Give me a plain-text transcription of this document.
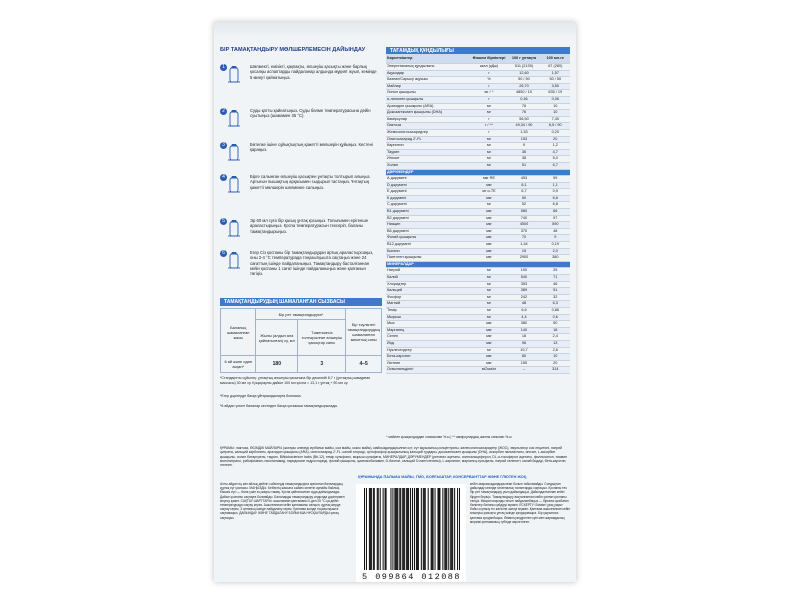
БІР ТАМАҚТАНДЫРУ МӨЛШЕРЛЕМЕСІН ДАЙЫНДАУ
1	Шөлмекті, емізікті, қақпақты, өлшеуіш қасықты және барлық қосалқы аспаптарды пайдаланар алдында мұқият жуып, кемінде 5 минут қайнатыңыз.
2	Суды қатты қайнатыңыз. Суды бөлме температурасына дейін суытыңыз (шамамен 35 °С).
3	Бөтелке ішіне сұйықтықтың қажетті мөлшерін құйыңыз. Кестені қараңыз.
4	Бірге салынған өлшеуіш қасықпен ұнтақты толтырып алыңыз. Артығын пышақтың арқасымен сыдырып тастаңыз. Ұнтақтың қажетті мөлшерін шөлмекке салыңыз.
5	Эр 60 мл суға бір қасық ұнтақ қосыңыз. Толығымен ерігенше араластырыңыз. Қоспа температурасын тексеріп, баланы тамақтандырыңыз.
6	Егер Сіз қоспаны бір тамақтандырудан артық араластырсаңыз, оны 2-4 °С температурада тоңазытқышта сақтаңыз және 24 сағаттың ішінде пайдаланыңыз. Тамақтандыру басталғаннан кейін қоспаны 1 сағат ішінде пайдаланыңыз және қалғанын төгіңіз.
ТАМАҚТАНДЫРУДЫҢ ШАМАЛАНҒАН СЫЗБАСЫ
Баланың шамаланған жасы	Бір рет тамақтандыруға*		Бір тәуліктегі тамақтандырудың шамаланған жиынтық саны
	Жылы (алдын ала қайнатылған) су, мл	Тәменшесіз толтырылған өлшеуіш қасықтар саны	
6 ай және одан асқан*	180	3	4–5
*Стандартты сұйылтқ: ұнтақтың өлшеуіш қасығына бір декилейі 8,7 г (ұнтақтың шамдаған массасы) 30 мл су. Қоңыраулы дайын 100 мл қоспа = 13,1 г ұнтақ + 90 мл су.
*Егер дәрігерде басқа ұйғарымдаларға болмаса.
*6 айдан үлкен балалар кестеден басқа қосымша тамақтандырылады.
ТАҒАМДЫҚ ҚҰНДЫЛЫҒЫ
Көрсеткіштер	Өлшем бірліктері	100 г ұнтақта	100 мл-ге
Энергетикалық құндылығы	ккал (кДж)	511 (2139)	67 (280)
Ақуыздар	г	12,60	1,57
Казеин/Сарысу ақуызы	%	50 / 50	50 / 50
Майлар	г	26,70	3,50
Линол қышқылы	мг / ^	4850 / 19	635 / 19
α-линолен қышқылы	г	0,46	0,06
Арахидон қышқылы (ARA)	мг	76	10
Докозагексаен қышқылы (DHA)	мг	76	10
Көмірсулар	г	56,50	7,40
Лактоза	г / ^^	49,34 / 90	6,5 / 90
Жемісолигосахаридтер	г	1,53	0,20
Олигосахарид 2'-FL	мг	153	20
Карнитин	мг	9	1,2
Таурин	мг	36	4,7
Инозит	мг	38	5,0
Холин	мг	51	6,7
ДӘРУМЕНДЕР			
А дәрумені	мкг RE	453	59
D дәрумені	мкг	8,1	1,1
Е дәрумені	мг α-TE	6,7	0,9
К дәрумені	мкг	50	6,6
С дәрумені	мг	52	6,8
B1 дәрумені	мкг	580	66
B2 дәрумені	мкг	740	97
Ниацин	мкг	4500	590
B6 дәрумені	мкг	370	48
Фолий қышқылы	мкг	70	9
B12 дәрумені	мкг	1,44	0,19
Биотин	мкг	15	2,0
Пантотен қышқылы	мкг	2900	380
МИНЕРАЛДАР			
Натрий	мг	190	25
Калий	мг	540	71
Хлоридтер	мг	353	46
Кальций	мг	389	51
Фосфор	мг	242	32
Магний	мг	48	6,3
Темір	мг	6,6	0,86
Мырыш	мг	4,4	0,6
Мыс	мкг	380	50
Марганец	мкг	140	18
Селен	мкг	18	2,4
Йод	мкг	96	13
Нуклеотидтер	мг	19,7	2,6
Бета-каротин	мкг	80	10
Лютеин	мкг	155	20
Осмоляльділігі	мОсм/кг	–	314
^ майлен қышқылдардан сомасынан %-ы | ^^ көмірсулардың жалпы санынан %-ы
ҚҰРАМЫ: лактоза, ӨСІМДІК МАЙЛАРЫ (жоғары олеинді күнбағыс майы, соя майы, кокос майы), майсыздандырылған сүт, сүт ақуызының концентраты, желесолигосахаридтер (ЖОС), эмульгатор соя лецитині, натрий цитраты, кальций карбонаты, арахидон қышқылы (ARA), олигосахарид 2'-FL, калий хлориді, ортофосфор қышқылының кальций тұздары, докозагексаен қышқылы (DHA), аскорбин пальмитаты, инозит, L-аскорбин қышқылы, холин битартраты, таурин, Bifidobacterium lactis (Bb-12), темір сульфаты, мырыш сульфаты, МИНЕРАЛДАР, ДӘРУМЕНДЕР (ретинил ацетаты, холекальциферол, DL-α-токоферол ацетаты, филлохинон, тиамин мононитраты, рибофлавин, никотинамид, пиридоксин гидрохлориді, фолий қышқылы, цианокобаламин, D-биотин, кальций D-пантотенаты), L-карнитин, марганец сульфаты, натрий селениті, калий йодиді, бета-каротин, лютеин.
ҚҰРАМЫНДА ПАЛЬМА МАЙЫ, ГМО, БОЯҒЫШТАР, КОНСЕРВАНТТАР ЖӘНЕ ГЛЮТЕН ЖОҚ.
Алты айдан ең көп айлық дейінгі сәбилерді тамақтандыруға арналған балалардың құрғақ сүт қоспасы. МАҢЫЗДЫ: Бебектің жасына сәйкес келетін арнайы байлық. Емшек сүті — бала үшін ең жақсы тамақ. Қоспа қайнатылған суда дайындалады. Дайын қоспаны сақтауға болмайды. Балаларды тамақтандыру алдында дәрігермен кеңесу қажет. САҚТАУ ШАРТТАРЫ: ашылмаған қаптаманы 0-ден 25 °С-қа дейін температурада сақтау керек. Ашылғаннан кейін қаптаманы салқын, құрғақ жерде сақтау керек, 3 аптаның ішінде пайдалану керек. Қаптама ішінде тоңазытқышта сақтамаңыз. ДАЙЫНДАУ ЖӘНЕ ТАЙДАЛАНУ БОЙЫНША НҰСҚАУЛАРДЫ қатаң сақтаңыз.
кейін заярасыздандырылған болып табылмайды. Сондықтан дайындау кезінде гигиеналық талаптарды сақтаңыз. Қоспаны тек бір рет тамақтандыру үшін дайындаңыз. Дайындалғаннан кейін бірден беріңіз. Тамақтандыру аяқталғаннан кейін қалған қоспаны төгіңіз. Микротолқынды пешті пайдаланбаңыз — біркелкі қызбаған бөліктер баланы күйдіруі мүмкін. ЕСКЕРТУ: Емізікті ұзақ уақыт бойы сорғызу тіс жегісіне әкелуі мүмкін. Қаптама ашылғаннан кейін өлшеуіш қасықты ұнтақ ішінде қалдырмаңыз. Бір қырынсыз қаптама қолданбаңыз. Өнімнің өндірілген күні мен жарамдылық мерзімі қаптаманың түбінде көрсетілген.
5 099864 012088
